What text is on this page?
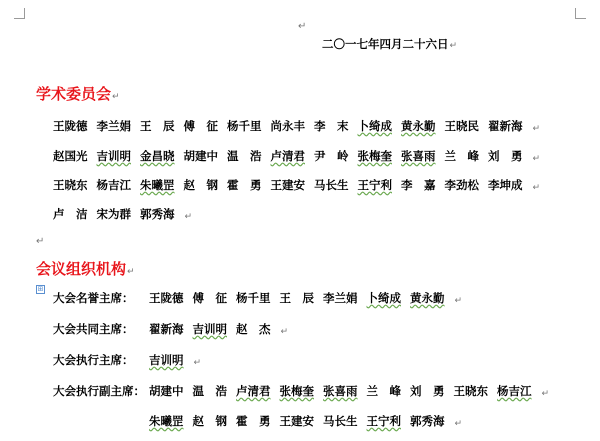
↵
二〇一七年四月二十六日↵
学术委员会↵
王陇德 李兰娟 王　辰 傅　征 杨千里 尚永丰 李　末 卜绮成 黄永勤 王晓民 翟新海 ↵
赵国光 吉训明 金昌晓 胡建中 温　浩 卢清君 尹　岭 张梅奎 张喜雨 兰　峰 刘　勇 ↵
王晓东 杨吉江 朱曦罡 赵　钢 霍　勇 王建安 马长生 王宁利 李　嘉 李劲松 李坤成 ↵
卢　洁 宋为群 郭秀海 ↵
↵
会议组织机构↵
⊞
大会名誉主席：	王陇德 傅　征 杨千里 王　辰 李兰娟 卜绮成 黄永勤 ↵
大会共同主席：	翟新海 吉训明 赵　杰 ↵
大会执行主席：	吉训明 ↵
大会执行副主席： 胡建中 温　浩 卢清君 张梅奎 张喜雨 兰　峰 刘　勇 王晓东 杨吉江 ↵
朱曦罡 赵　钢 霍　勇 王建安 马长生 王宁利 郭秀海 ↵
